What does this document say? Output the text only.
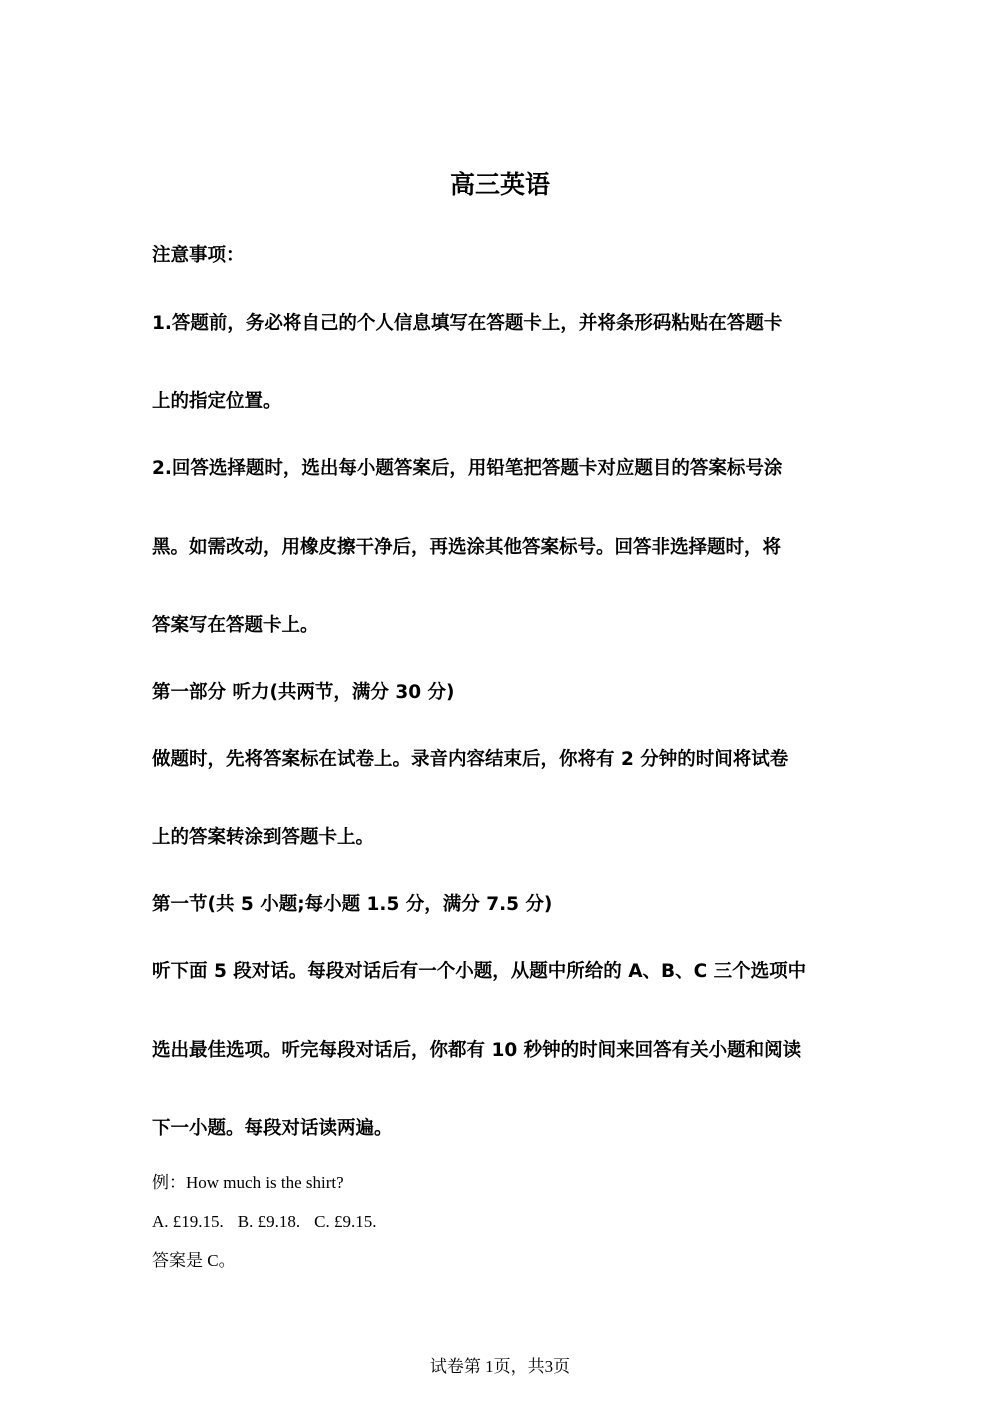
高三英语

注意事项：

1.答题前，务必将自己的个人信息填写在答题卡上，并将条形码粘贴在答题卡

上的指定位置。

2.回答选择题时，选出每小题答案后，用铅笔把答题卡对应题目的答案标号涂

黑。如需改动，用橡皮擦干净后，再选涂其他答案标号。回答非选择题时，将

答案写在答题卡上。

第一部分 听力(共两节，满分 30 分)

做题时，先将答案标在试卷上。录音内容结束后，你将有 2 分钟的时间将试卷

上的答案转涂到答题卡上。

第一节(共 5 小题;每小题 1.5 分，满分 7.5 分)

听下面 5 段对话。每段对话后有一个小题，从题中所给的 A、B、C 三个选项中

选出最佳选项。听完每段对话后，你都有 10 秒钟的时间来回答有关小题和阅读

下一小题。每段对话读两遍。

例：How much is the shirt?

A. £19.15. B. £9.18. C. £9.15.

答案是 C。

试卷第 1页，共3页
